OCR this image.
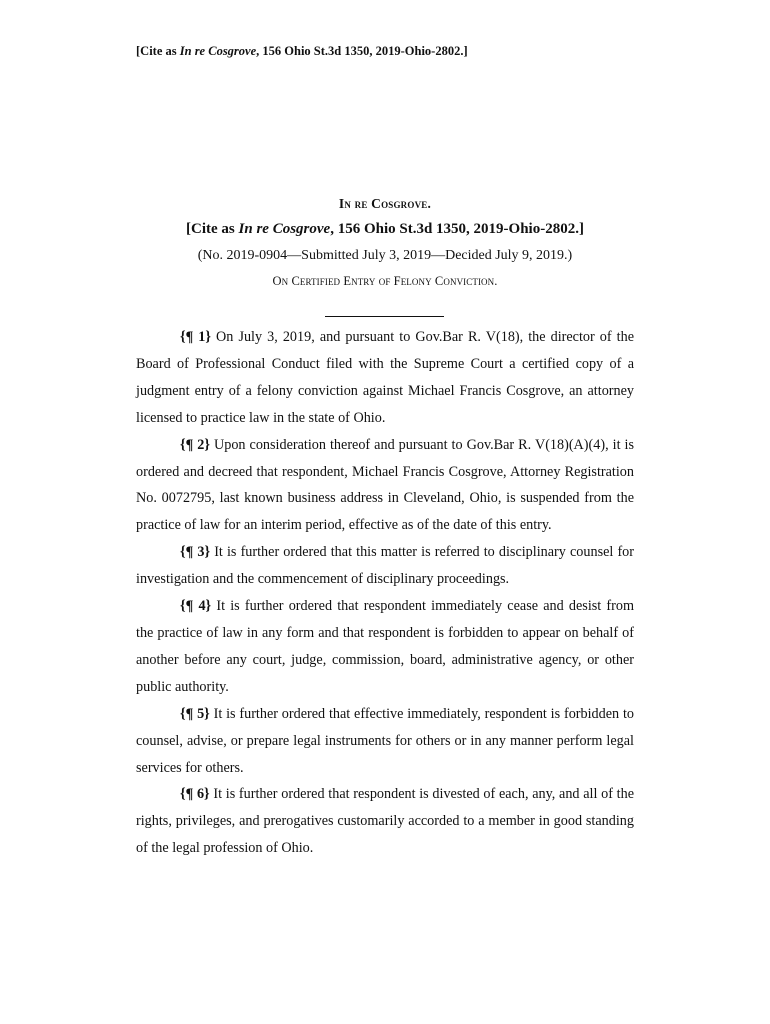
[Cite as In re Cosgrove, 156 Ohio St.3d 1350, 2019-Ohio-2802.]
In re Cosgrove.
[Cite as In re Cosgrove, 156 Ohio St.3d 1350, 2019-Ohio-2802.]
(No. 2019-0904—Submitted July 3, 2019—Decided July 9, 2019.)
On Certified Entry of Felony Conviction.

{¶ 1} On July 3, 2019, and pursuant to Gov.Bar R. V(18), the director of the Board of Professional Conduct filed with the Supreme Court a certified copy of a judgment entry of a felony conviction against Michael Francis Cosgrove, an attorney licensed to practice law in the state of Ohio.

{¶ 2} Upon consideration thereof and pursuant to Gov.Bar R. V(18)(A)(4), it is ordered and decreed that respondent, Michael Francis Cosgrove, Attorney Registration No. 0072795, last known business address in Cleveland, Ohio, is suspended from the practice of law for an interim period, effective as of the date of this entry.

{¶ 3} It is further ordered that this matter is referred to disciplinary counsel for investigation and the commencement of disciplinary proceedings.

{¶ 4} It is further ordered that respondent immediately cease and desist from the practice of law in any form and that respondent is forbidden to appear on behalf of another before any court, judge, commission, board, administrative agency, or other public authority.

{¶ 5} It is further ordered that effective immediately, respondent is forbidden to counsel, advise, or prepare legal instruments for others or in any manner perform legal services for others.

{¶ 6} It is further ordered that respondent is divested of each, any, and all of the rights, privileges, and prerogatives customarily accorded to a member in good standing of the legal profession of Ohio.
